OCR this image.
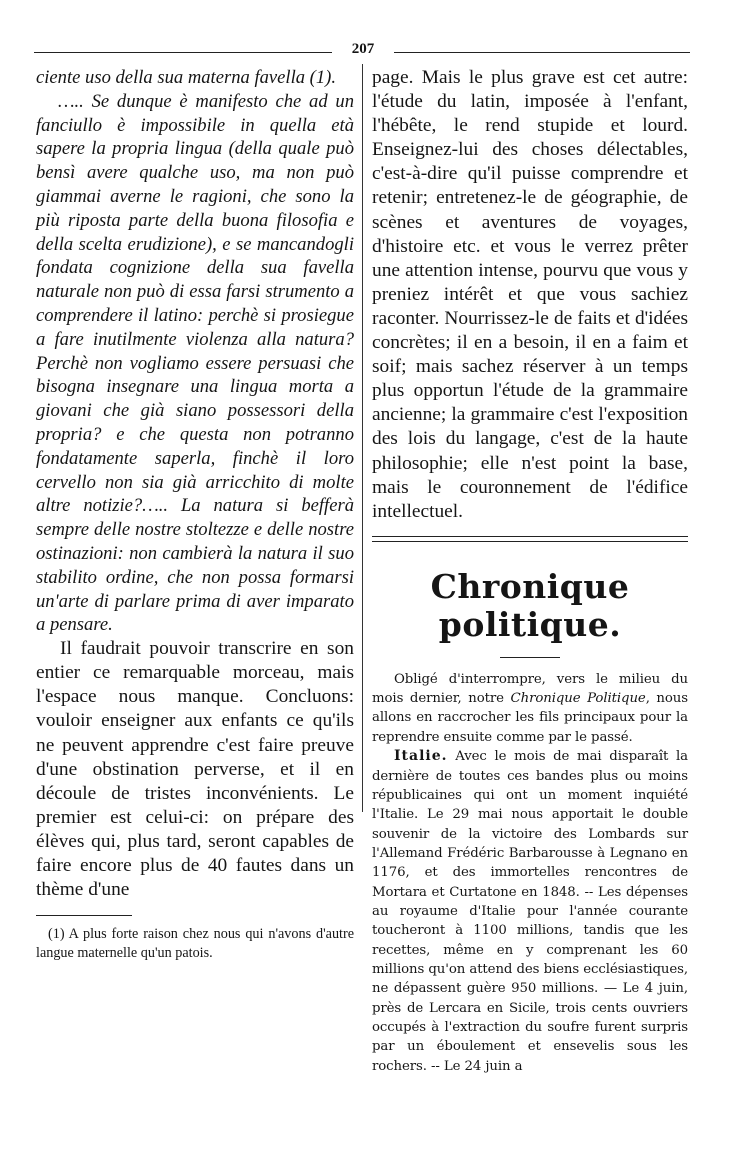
207

ciente uso della sua materna favella (1).

….. Se dunque è manifesto che ad un fanciullo è impossibile in quella età sapere la propria lingua (della quale può bensì avere qualche uso, ma non può giammai averne le ragioni, che sono la più riposta parte della buona filosofia e della scelta erudizione), e se mancandogli fondata cognizione della sua favella naturale non può di essa farsi strumento a comprendere il latino: perchè si prosiegue a fare inutilmente violenza alla natura? Perchè non vogliamo essere persuasi che bisogna insegnare una lingua morta a giovani che già siano possessori della propria? e che questa non potranno fondatamente saperla, finchè il loro cervello non sia già arricchito di molte altre notizie?….. La natura si befferà sempre delle nostre stoltezze e delle nostre ostinazioni: non cambierà la natura il suo stabilito ordine, che non possa formarsi un'arte di parlare prima di aver imparato a pensare.

Il faudrait pouvoir transcrire en son entier ce remarquable morceau, mais l'espace nous manque. Concluons: vouloir enseigner aux enfants ce qu'ils ne peuvent apprendre c'est faire preuve d'une obstination perverse, et il en découle de tristes inconvénients. Le premier est celui-ci: on prépare des élèves qui, plus tard, seront capables de faire encore plus de 40 fautes dans un thème d'une

(1) A plus forte raison chez nous qui n'avons d'autre langue maternelle qu'un patois.

page. Mais le plus grave est cet autre: l'étude du latin, imposée à l'enfant, l'hébête, le rend stupide et lourd. Enseignez-lui des choses délectables, c'est-à-dire qu'il puisse comprendre et retenir; entretenez-le de géographie, de scènes et aventures de voyages, d'histoire etc. et vous le verrez prêter une attention intense, pourvu que vous y preniez intérêt et que vous sachiez raconter. Nourrissez-le de faits et d'idées concrètes; il en a besoin, il en a faim et soif; mais sachez réserver à un temps plus opportun l'étude de la grammaire ancienne; la grammaire c'est l'exposition des lois du langage, c'est de la haute philosophie; elle n'est point la base, mais le couronnement de l'édifice intellectuel.

Chronique politique.

Obligé d'interrompre, vers le milieu du mois dernier, notre Chronique Politique, nous allons en raccrocher les fils principaux pour la reprendre ensuite comme par le passé.

Italie. Avec le mois de mai disparaît la dernière de toutes ces bandes plus ou moins républicaines qui ont un moment inquiété l'Italie. Le 29 mai nous apportait le double souvenir de la victoire des Lombards sur l'Allemand Frédéric Barbarousse à Legnano en 1176, et des immortelles rencontres de Mortara et Curtatone en 1848. -- Les dépenses au royaume d'Italie pour l'année courante toucheront à 1100 millions, tandis que les recettes, même en y comprenant les 60 millions qu'on attend des biens ecclésiastiques, ne dépassent guère 950 millions. — Le 4 juin, près de Lercara en Sicile, trois cents ouvriers occupés à l'extraction du soufre furent surpris par un éboulement et ensevelis sous les rochers. -- Le 24 juin a
